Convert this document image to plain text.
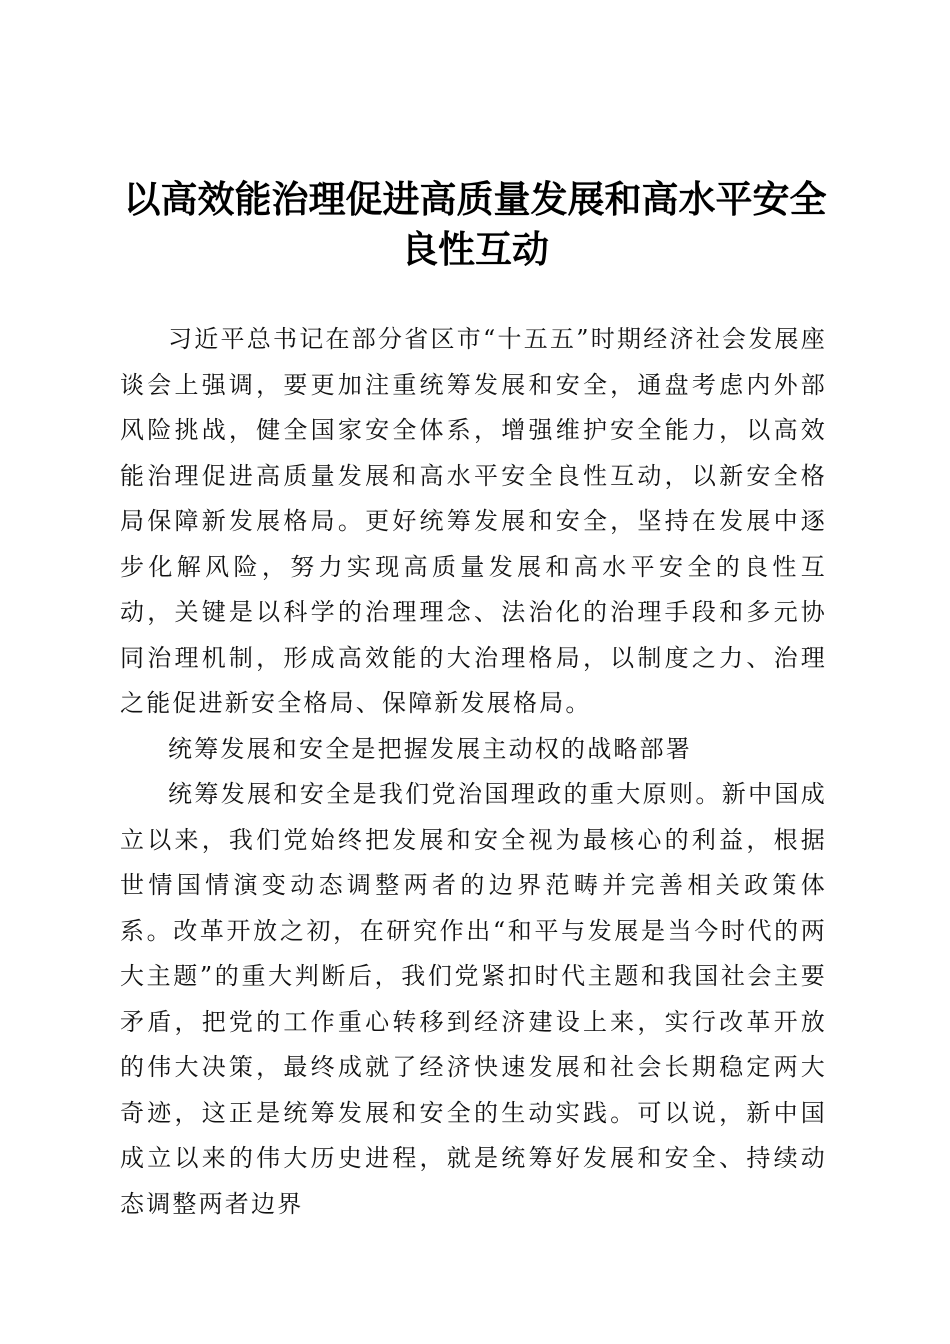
以高效能治理促进高质量发展和高水平安全良性互动

习近平总书记在部分省区市“十五五”时期经济社会发展座谈会上强调，要更加注重统筹发展和安全，通盘考虑内外部风险挑战，健全国家安全体系，增强维护安全能力，以高效能治理促进高质量发展和高水平安全良性互动，以新安全格局保障新发展格局。更好统筹发展和安全，坚持在发展中逐步化解风险，努力实现高质量发展和高水平安全的良性互动，关键是以科学的治理理念、法治化的治理手段和多元协同治理机制，形成高效能的大治理格局，以制度之力、治理之能促进新安全格局、保障新发展格局。

统筹发展和安全是把握发展主动权的战略部署

统筹发展和安全是我们党治国理政的重大原则。新中国成立以来，我们党始终把发展和安全视为最核心的利益，根据世情国情演变动态调整两者的边界范畴并完善相关政策体系。改革开放之初，在研究作出“和平与发展是当今时代的两大主题”的重大判断后，我们党紧扣时代主题和我国社会主要矛盾，把党的工作重心转移到经济建设上来，实行改革开放的伟大决策，最终成就了经济快速发展和社会长期稳定两大奇迹，这正是统筹发展和安全的生动实践。可以说，新中国成立以来的伟大历史进程，就是统筹好发展和安全、持续动态调整两者边界
